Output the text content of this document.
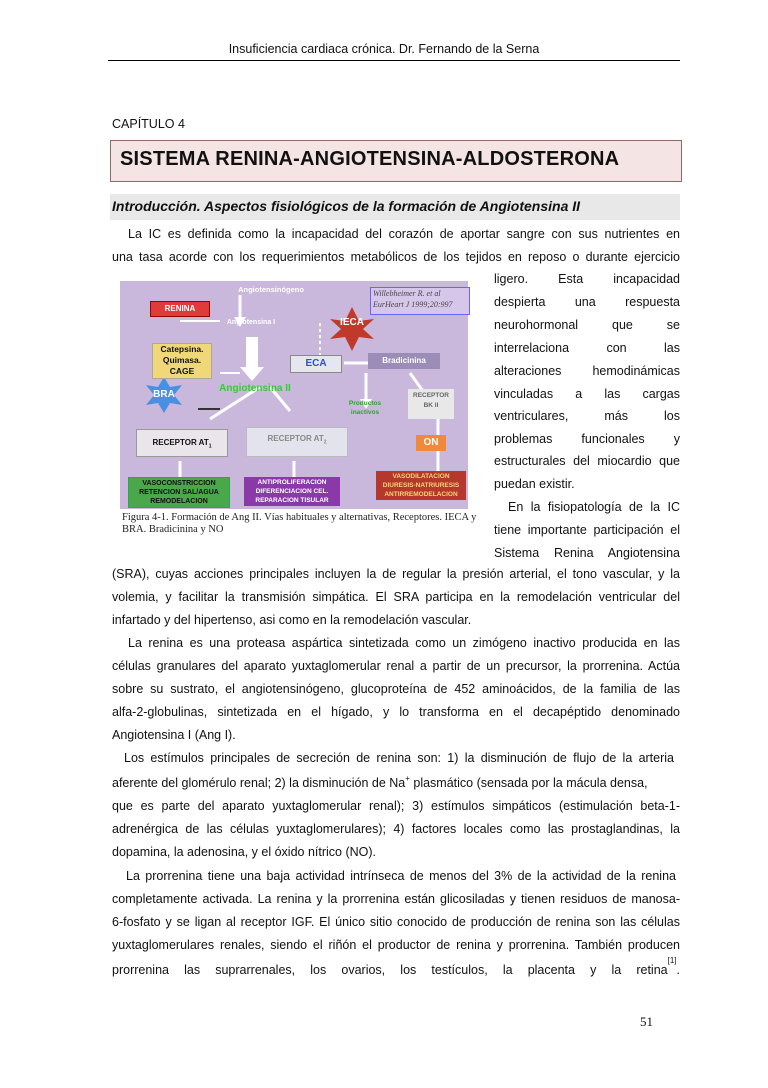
Insuficiencia cardiaca crónica. Dr. Fernando de la Serna
CAPÍTULO 4
SISTEMA RENINA-ANGIOTENSINA-ALDOSTERONA
Introducción. Aspectos fisiológicos de la formación de Angiotensina II
La IC es definida como la incapacidad del corazón de aportar sangre con sus nutrientes en
una tasa acorde con los requerimientos metabólicos de los tejidos en reposo o durante ejercicio
Angiotensinógeno
RENINA
Angiotensina I	IECA
Willebheimer R. et al
EurHeart J 1999;20:997
Catepsina.
Quimasa.
CAGE
ECA	Bradicinina
BRA
Angiotensina II
RECEPTOR
BK II
Productos
inactivos
RECEPTOR $AT_1$
RECEPTOR $AT_2$	ON
VASOCONSTRICCION
RETENCION SAL/AGUA
REMODELACION
ANTIPROLIFERACION
DIFERENCIACION CEL.
REPARACION TISULAR
VASODILATACION
DIURESIS-NATRIURESIS
ANTIRREMODELACION
Figura 4-1. Formación de Ang II. Vías habituales y alternativas, Receptores. IECA y BRA. Bradicinina y NO
ligero. Esta incapacidad
despierta una respuesta
neurohormonal que se
interrelaciona con las
alteraciones hemodinámicas
vinculadas a las cargas
ventriculares, más los
problemas funcionales y
estructurales del miocardio que
puedan existir.
En la fisiopatología de la IC
tiene importante participación el
Sistema Renina Angiotensina
(SRA), cuyas acciones principales incluyen la de regular la presión arterial, el tono vascular, y la
volemia, y facilitar la transmisión simpática. El SRA participa en la remodelación ventricular del
infartado y del hipertenso, asi como en la remodelación vascular.
La renina es una proteasa aspártica sintetizada como un zimógeno inactivo producida en las
células granulares del aparato yuxtaglomerular renal a partir de un precursor, la prorrenina. Actúa
sobre su sustrato, el angiotensinógeno, glucoproteína de 452 aminoácidos, de la familia de las
alfa-2-globulinas, sintetizada en el hígado, y lo transforma en el decapéptido denominado
Angiotensina I (Ang I).
Los estímulos principales de secreción de renina son: 1) la disminución de flujo de la arteria
aferente del glomérulo renal; 2) la disminución de Na+ plasmático (sensada por la mácula densa,
que es parte del aparato yuxtaglomerular renal); 3) estímulos simpáticos (estimulación beta-1-
adrenérgica de las células yuxtaglomerulares); 4) factores locales como las prostaglandinas, la
dopamina, la adenosina, y el óxido nítrico (NO).
La prorrenina tiene una baja actividad intrínseca de menos del 3% de la actividad de la renina
completamente activada. La renina y la prorrenina están glicosiladas y tienen residuos de manosa-
6-fosfato y se ligan al receptor IGF. El único sitio conocido de producción de renina son las células
yuxtaglomerulares renales, siendo el riñón el productor de renina y prorrenina. También producen
prorrenina las suprarrenales, los ovarios, los testículos, la placenta y la retina
[1]
.
51
